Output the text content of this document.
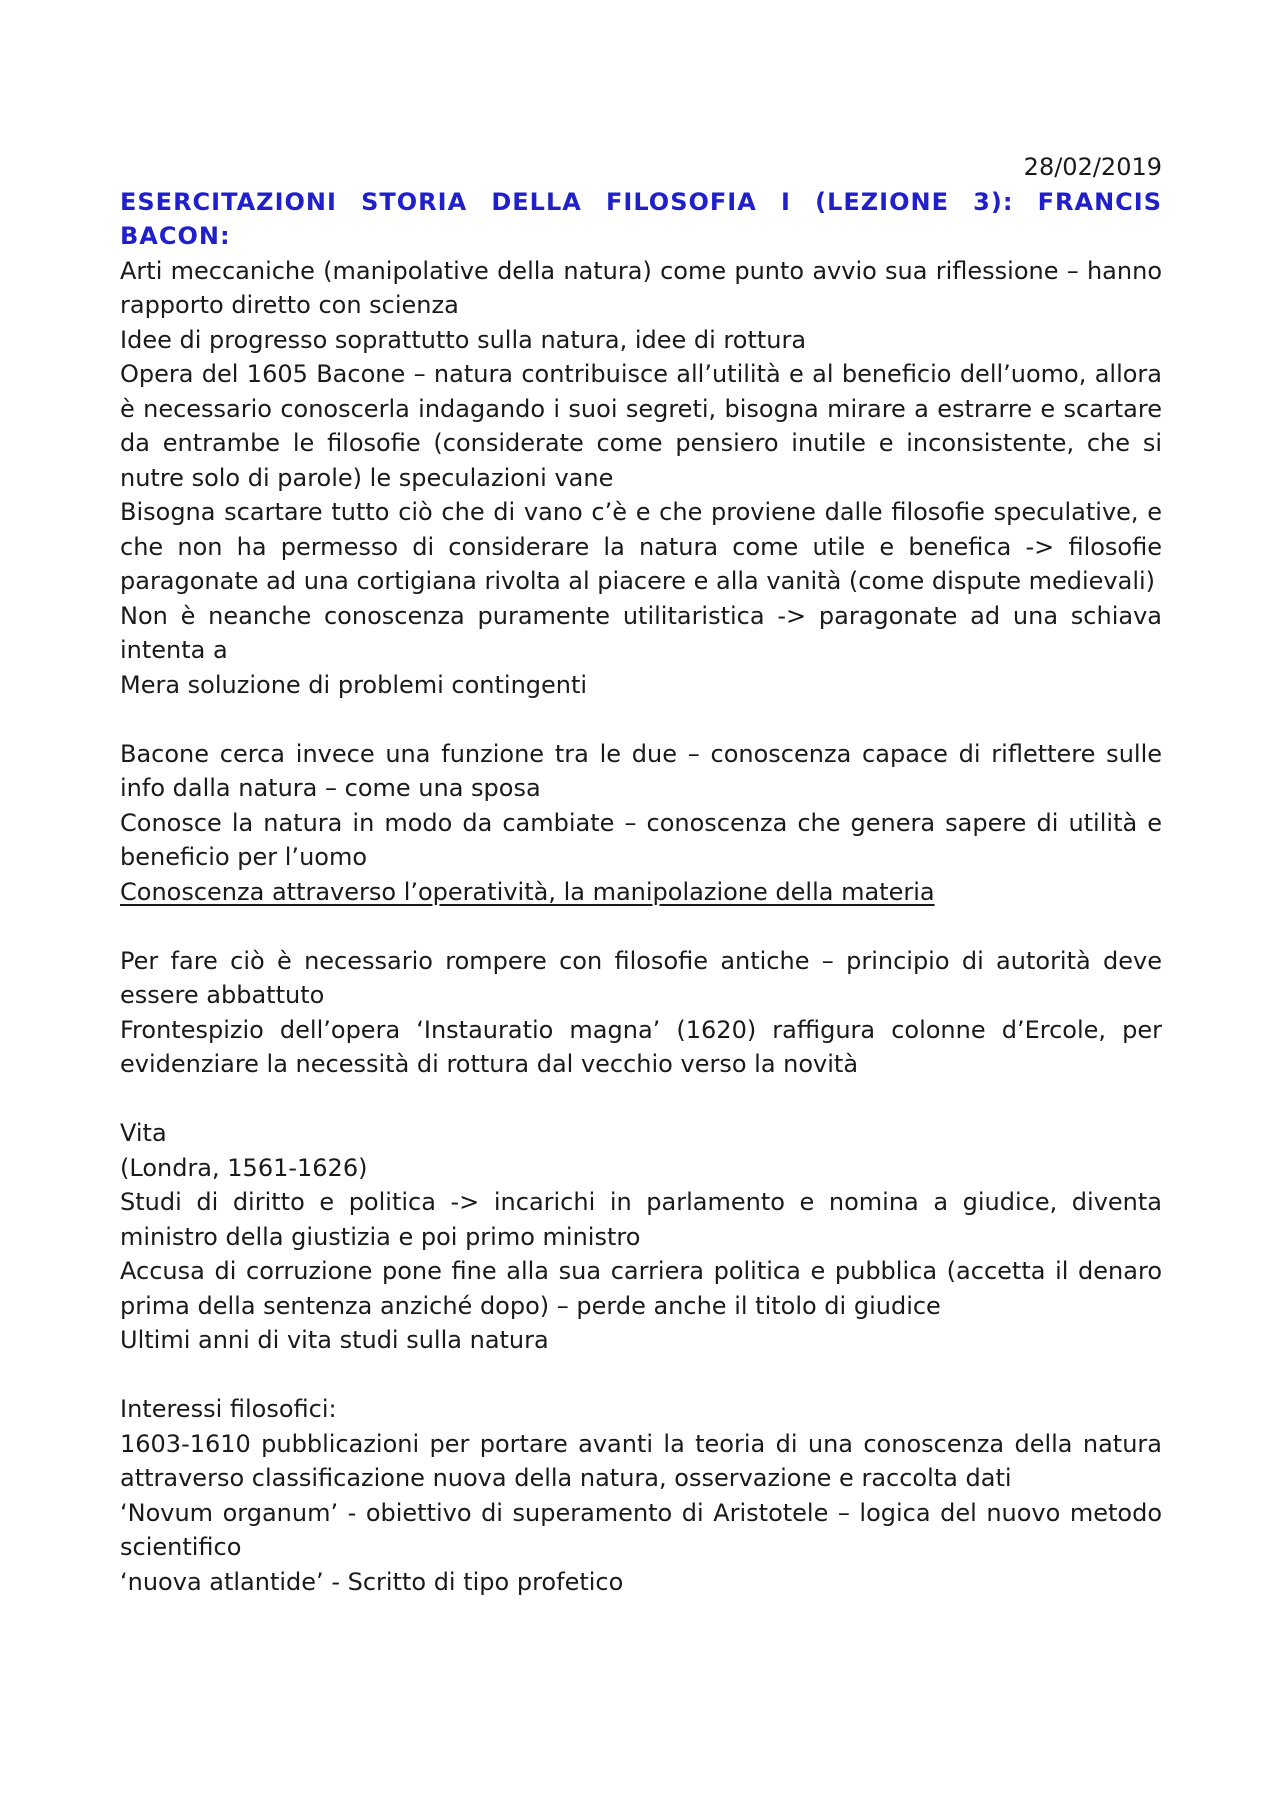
28/02/2019
ESERCITAZIONI STORIA DELLA FILOSOFIA I (LEZIONE 3): FRANCIS BACON:

Arti meccaniche (manipolative della natura) come punto avvio sua riflessione – hanno rapporto diretto con scienza

Idee di progresso soprattutto sulla natura, idee di rottura

Opera del 1605 Bacone – natura contribuisce all’utilità e al beneficio dell’uomo, allora è necessario conoscerla indagando i suoi segreti, bisogna mirare a estrarre e scartare da entrambe le filosofie (considerate come pensiero inutile e inconsistente, che si nutre solo di parole) le speculazioni vane

Bisogna scartare tutto ciò che di vano c’è e che proviene dalle filosofie speculative, e che non ha permesso di considerare la natura come utile e benefica -> filosofie paragonate ad una cortigiana rivolta al piacere e alla vanità (come dispute medievali)

Non è neanche conoscenza puramente utilitaristica -> paragonate ad una schiava intenta a

Mera soluzione di problemi contingenti

Bacone cerca invece una funzione tra le due – conoscenza capace di riflettere sulle info dalla natura – come una sposa

Conosce la natura in modo da cambiate – conoscenza che genera sapere di utilità e beneficio per l’uomo

Conoscenza attraverso l’operatività, la manipolazione della materia

Per fare ciò è necessario rompere con filosofie antiche – principio di autorità deve essere abbattuto

Frontespizio dell’opera ‘Instauratio magna’ (1620) raffigura colonne d’Ercole, per evidenziare la necessità di rottura dal vecchio verso la novità

Vita

(Londra, 1561-1626)

Studi di diritto e politica -> incarichi in parlamento e nomina a giudice, diventa ministro della giustizia e poi primo ministro

Accusa di corruzione pone fine alla sua carriera politica e pubblica (accetta il denaro prima della sentenza anziché dopo) – perde anche il titolo di giudice

Ultimi anni di vita studi sulla natura

Interessi filosofici:

1603-1610 pubblicazioni per portare avanti la teoria di una conoscenza della natura attraverso classificazione nuova della natura, osservazione e raccolta dati

‘Novum organum’ - obiettivo di superamento di Aristotele – logica del nuovo metodo scientifico

‘nuova atlantide’ - Scritto di tipo profetico
